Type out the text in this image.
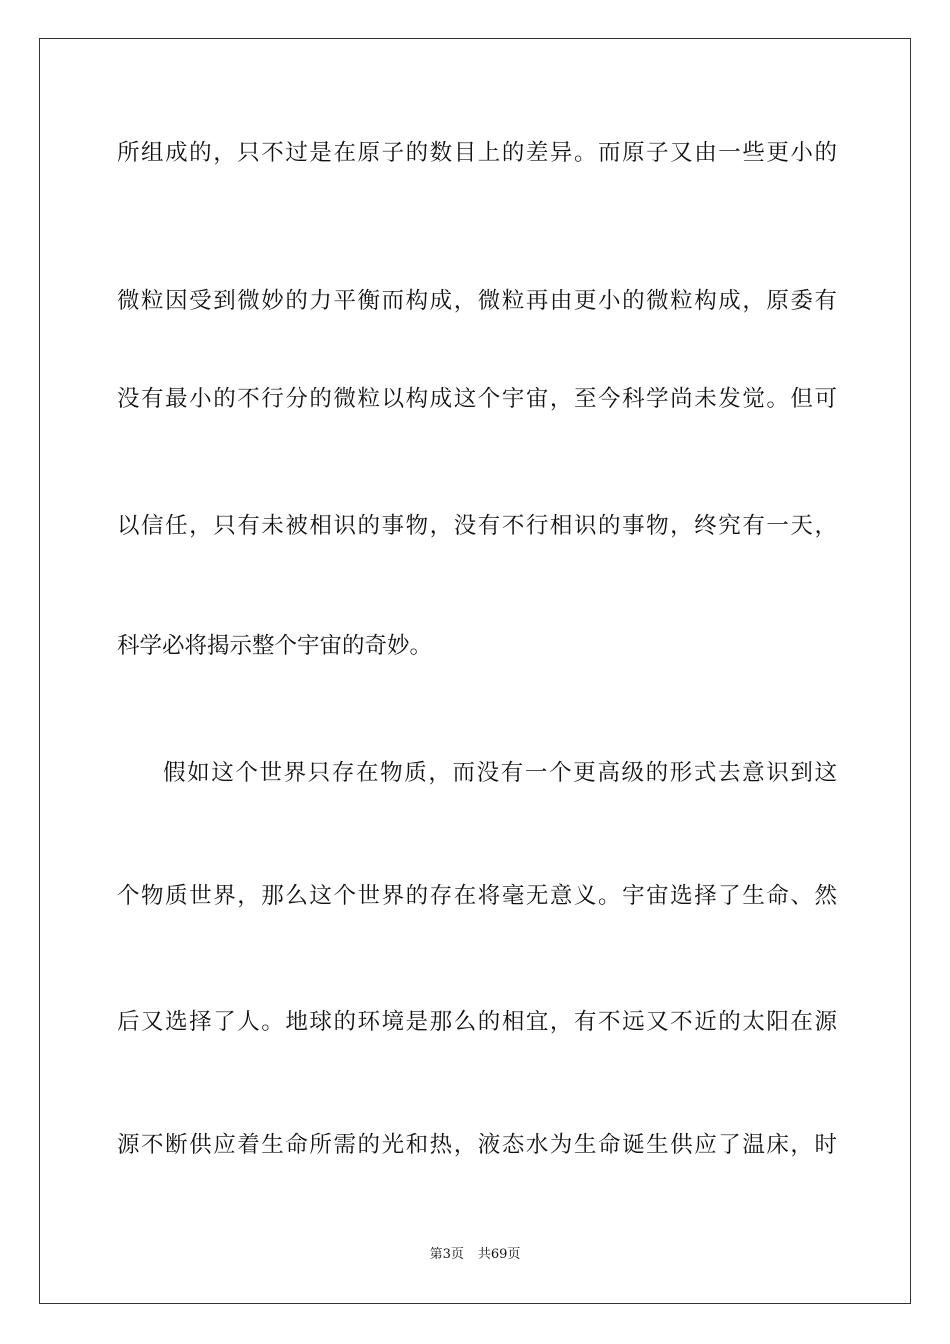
所组成的，只不过是在原子的数目上的差异。而原子又由一些更小的
微粒因受到微妙的力平衡而构成，微粒再由更小的微粒构成，原委有
没有最小的不行分的微粒以构成这个宇宙，至今科学尚未发觉。但可
以信任，只有未被相识的事物，没有不行相识的事物，终究有一天，
科学必将揭示整个宇宙的奇妙。
假如这个世界只存在物质，而没有一个更高级的形式去意识到这
个物质世界，那么这个世界的存在将毫无意义。宇宙选择了生命、然
后又选择了人。地球的环境是那么的相宜，有不远又不近的太阳在源
源不断供应着生命所需的光和热，液态水为生命诞生供应了温床，时
第3页 共69页
